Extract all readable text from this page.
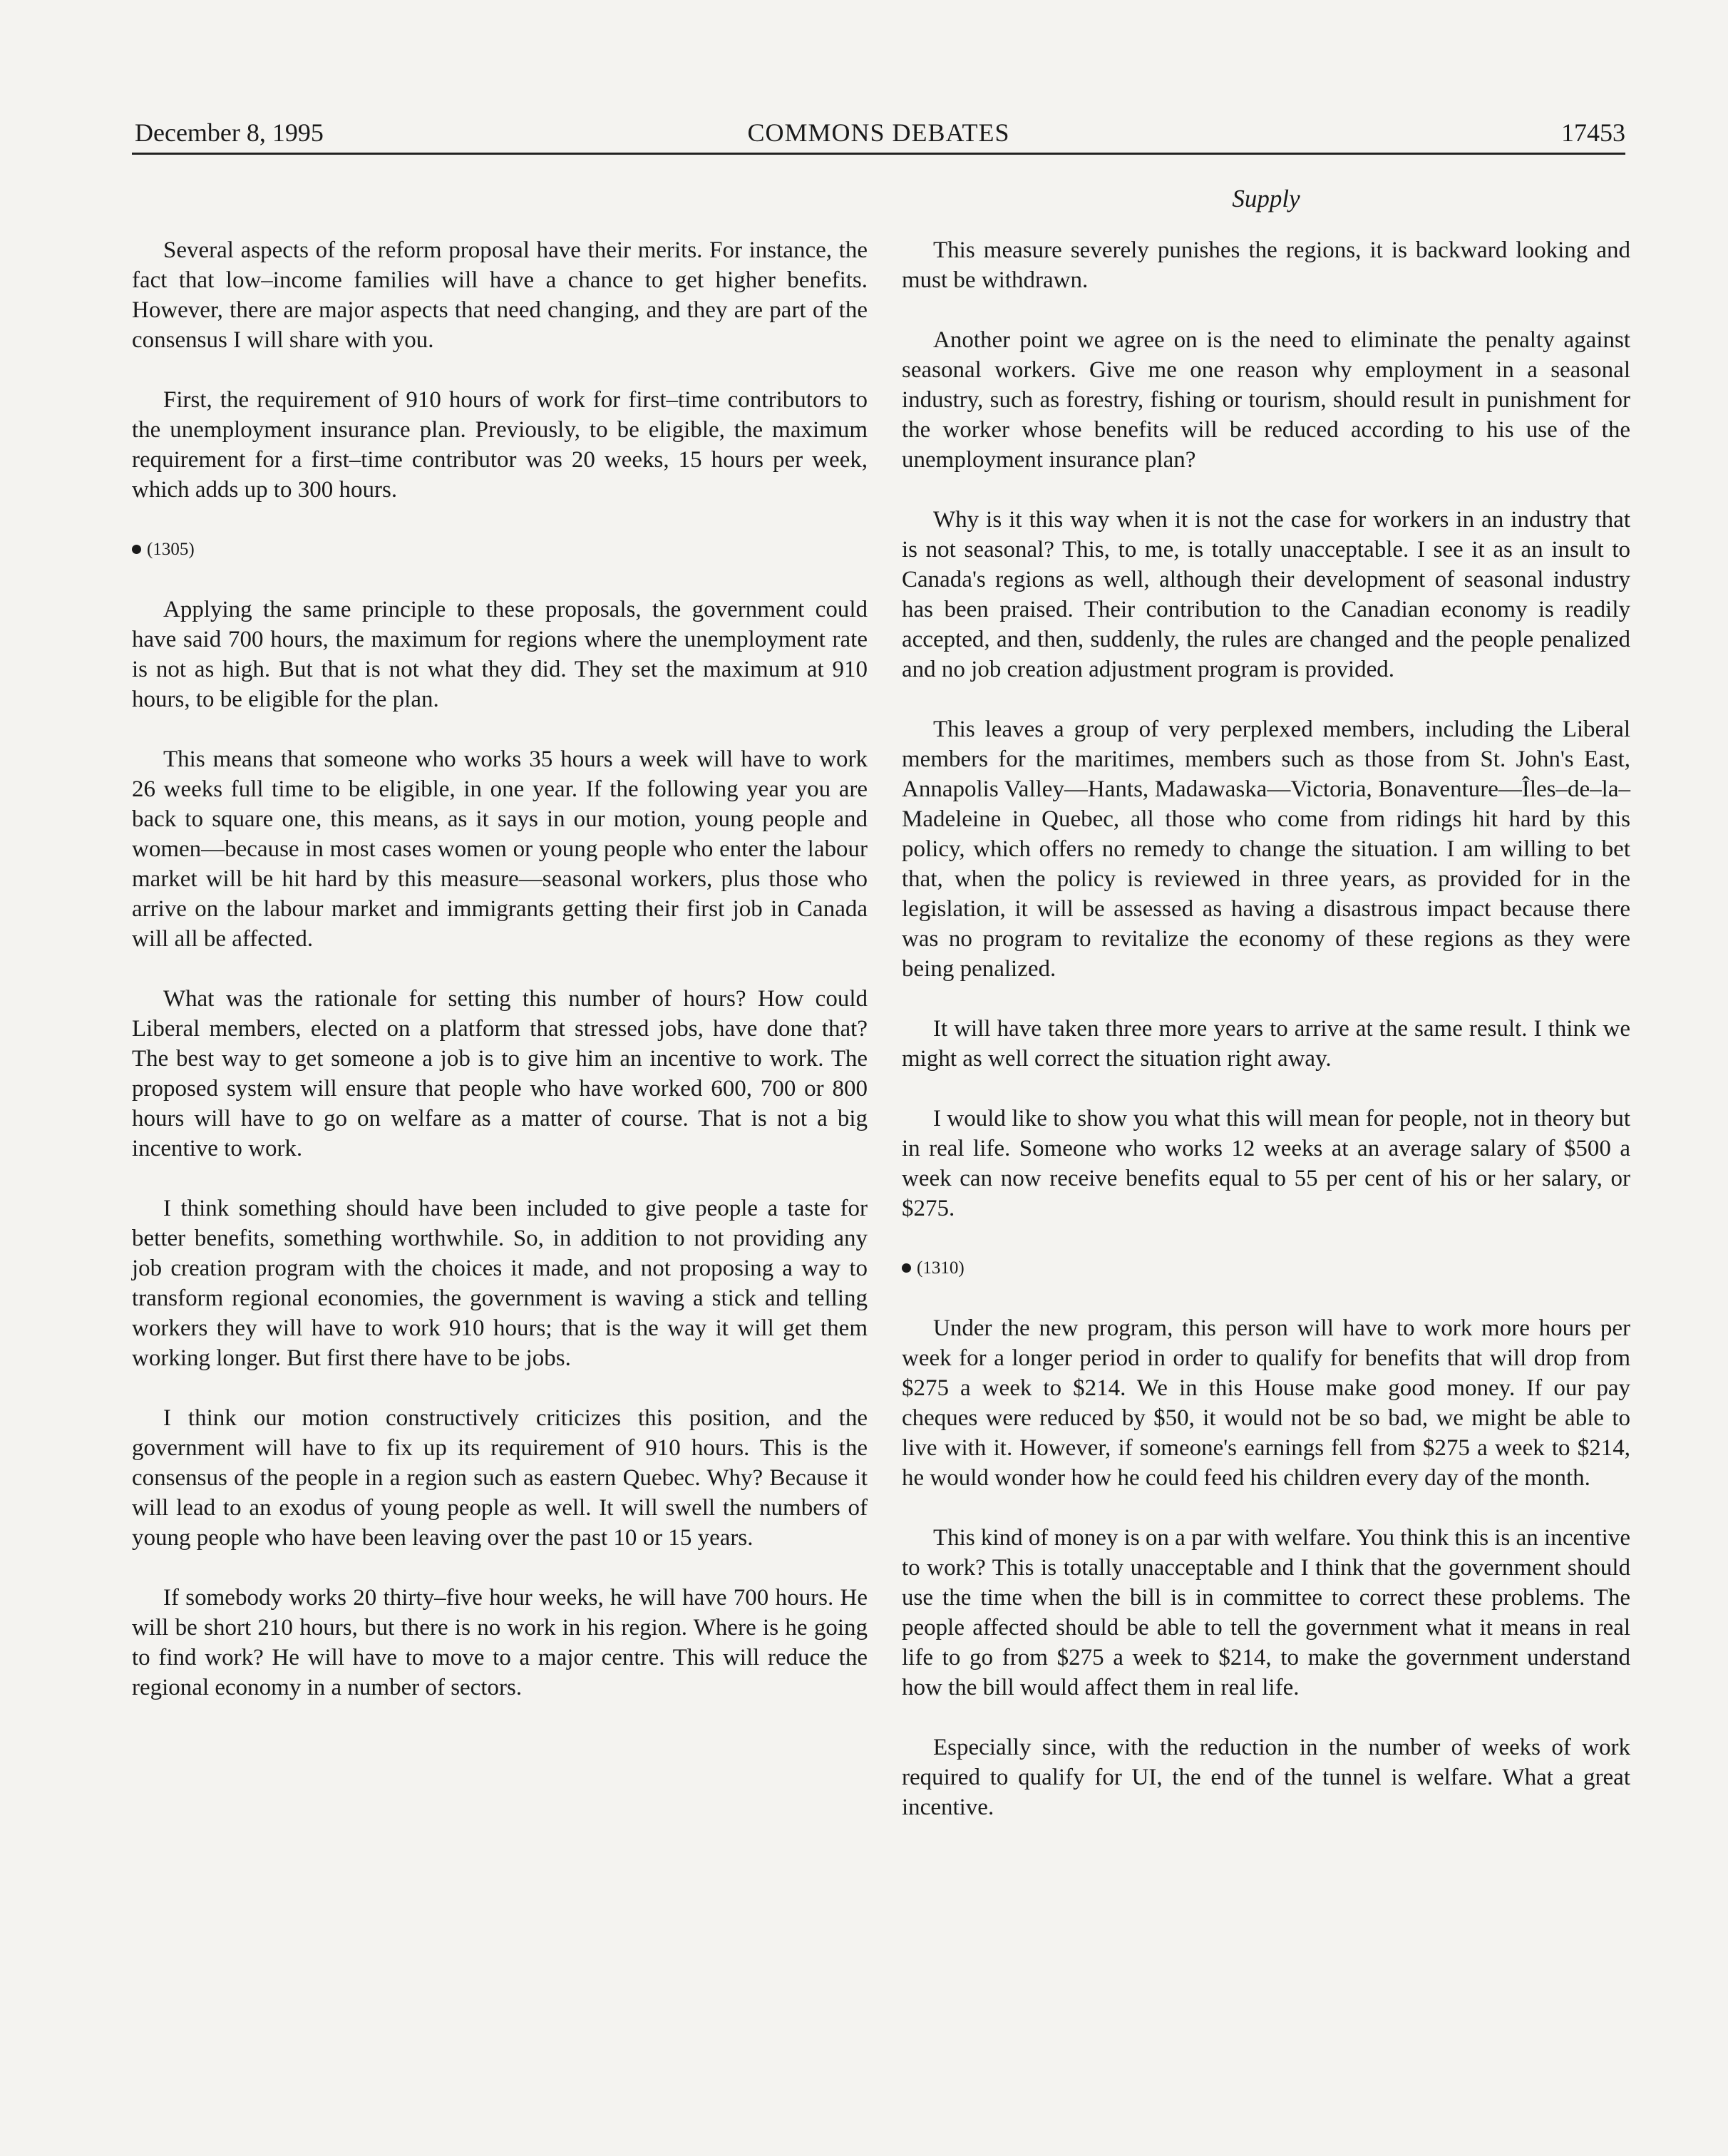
December 8, 1995	COMMONS DEBATES	17453
Supply

Several aspects of the reform proposal have their merits. For instance, the fact that low–income families will have a chance to get higher benefits. However, there are major aspects that need changing, and they are part of the consensus I will share with you.

First, the requirement of 910 hours of work for first–time contributors to the unemployment insurance plan. Previously, to be eligible, the maximum requirement for a first–time contributor was 20 weeks, 15 hours per week, which adds up to 300 hours.

(1305)

Applying the same principle to these proposals, the government could have said 700 hours, the maximum for regions where the unemployment rate is not as high. But that is not what they did. They set the maximum at 910 hours, to be eligible for the plan.

This means that someone who works 35 hours a week will have to work 26 weeks full time to be eligible, in one year. If the following year you are back to square one, this means, as it says in our motion, young people and women—because in most cases women or young people who enter the labour market will be hit hard by this measure—seasonal workers, plus those who arrive on the labour market and immigrants getting their first job in Canada will all be affected.

What was the rationale for setting this number of hours? How could Liberal members, elected on a platform that stressed jobs, have done that? The best way to get someone a job is to give him an incentive to work. The proposed system will ensure that people who have worked 600, 700 or 800 hours will have to go on welfare as a matter of course. That is not a big incentive to work.

I think something should have been included to give people a taste for better benefits, something worthwhile. So, in addition to not providing any job creation program with the choices it made, and not proposing a way to transform regional economies, the government is waving a stick and telling workers they will have to work 910 hours; that is the way it will get them working longer. But first there have to be jobs.

I think our motion constructively criticizes this position, and the government will have to fix up its requirement of 910 hours. This is the consensus of the people in a region such as eastern Quebec. Why? Because it will lead to an exodus of young people as well. It will swell the numbers of young people who have been leaving over the past 10 or 15 years.

If somebody works 20 thirty–five hour weeks, he will have 700 hours. He will be short 210 hours, but there is no work in his region. Where is he going to find work? He will have to move to a major centre. This will reduce the regional economy in a number of sectors.

This measure severely punishes the regions, it is backward looking and must be withdrawn.

Another point we agree on is the need to eliminate the penalty against seasonal workers. Give me one reason why employment in a seasonal industry, such as forestry, fishing or tourism, should result in punishment for the worker whose benefits will be reduced according to his use of the unemployment insurance plan?

Why is it this way when it is not the case for workers in an industry that is not seasonal? This, to me, is totally unacceptable. I see it as an insult to Canada's regions as well, although their development of seasonal industry has been praised. Their contribution to the Canadian economy is readily accepted, and then, suddenly, the rules are changed and the people penalized and no job creation adjustment program is provided.

This leaves a group of very perplexed members, including the Liberal members for the maritimes, members such as those from St. John's East, Annapolis Valley—Hants, Madawaska—Victoria, Bonaventure—Îles–de–la–Madeleine in Quebec, all those who come from ridings hit hard by this policy, which offers no remedy to change the situation. I am willing to bet that, when the policy is reviewed in three years, as provided for in the legislation, it will be assessed as having a disastrous impact because there was no program to revitalize the economy of these regions as they were being penalized.

It will have taken three more years to arrive at the same result. I think we might as well correct the situation right away.

I would like to show you what this will mean for people, not in theory but in real life. Someone who works 12 weeks at an average salary of $500 a week can now receive benefits equal to 55 per cent of his or her salary, or $275.

(1310)

Under the new program, this person will have to work more hours per week for a longer period in order to qualify for benefits that will drop from $275 a week to $214. We in this House make good money. If our pay cheques were reduced by $50, it would not be so bad, we might be able to live with it. However, if someone's earnings fell from $275 a week to $214, he would wonder how he could feed his children every day of the month.

This kind of money is on a par with welfare. You think this is an incentive to work? This is totally unacceptable and I think that the government should use the time when the bill is in committee to correct these problems. The people affected should be able to tell the government what it means in real life to go from $275 a week to $214, to make the government understand how the bill would affect them in real life.

Especially since, with the reduction in the number of weeks of work required to qualify for UI, the end of the tunnel is welfare. What a great incentive.
